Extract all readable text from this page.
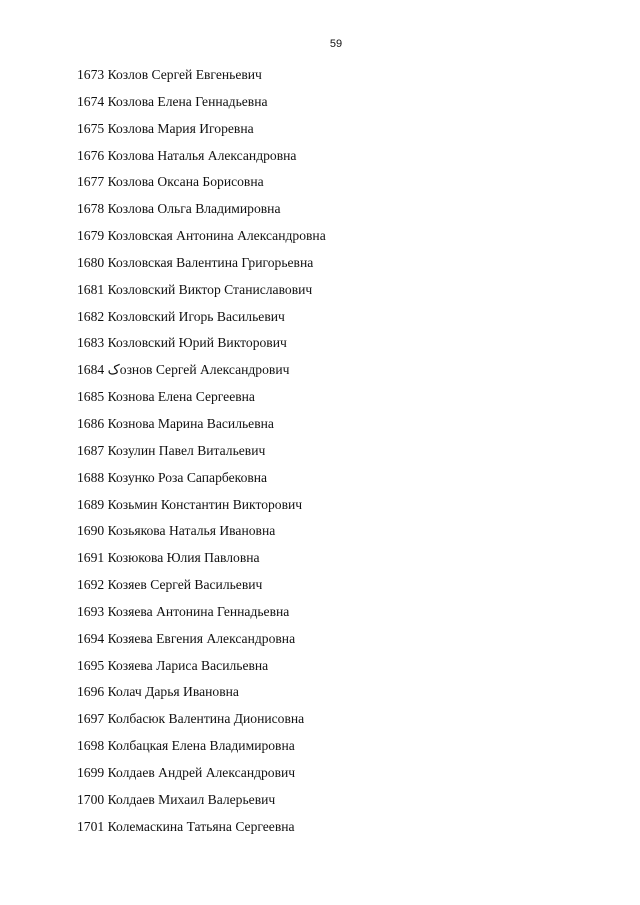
59
1673 Козлов Сергей Евгеньевич
1674 Козлова Елена Геннадьевна
1675 Козлова Мария Игоревна
1676 Козлова Наталья Александровна
1677 Козлова Оксана Борисовна
1678 Козлова Ольга Владимировна
1679 Козловская Антонина Александровна
1680 Козловская Валентина Григорьевна
1681 Козловский Виктор Станиславович
1682 Козловский Игорь Васильевич
1683 Козловский Юрий Викторович
1684 کознов Сергей Александрович
1685 Кознова Елена Сергеевна
1686 Кознова Марина Васильевна
1687 Козулин Павел Витальевич
1688 Козунко Роза Сапарбековна
1689 Козьмин Константин Викторович
1690 Козьякова Наталья Ивановна
1691 Козюкова Юлия Павловна
1692 Козяев Сергей Васильевич
1693 Козяева Антонина Геннадьевна
1694 Козяева Евгения Александровна
1695 Козяева Лариса Васильевна
1696 Колач Дарья Ивановна
1697 Колбасюк Валентина Дионисовна
1698 Колбацкая Елена Владимировна
1699 Колдаев Андрей Александрович
1700 Колдаев Михаил Валерьевич
1701 Колемаскина Татьяна Сергеевна
